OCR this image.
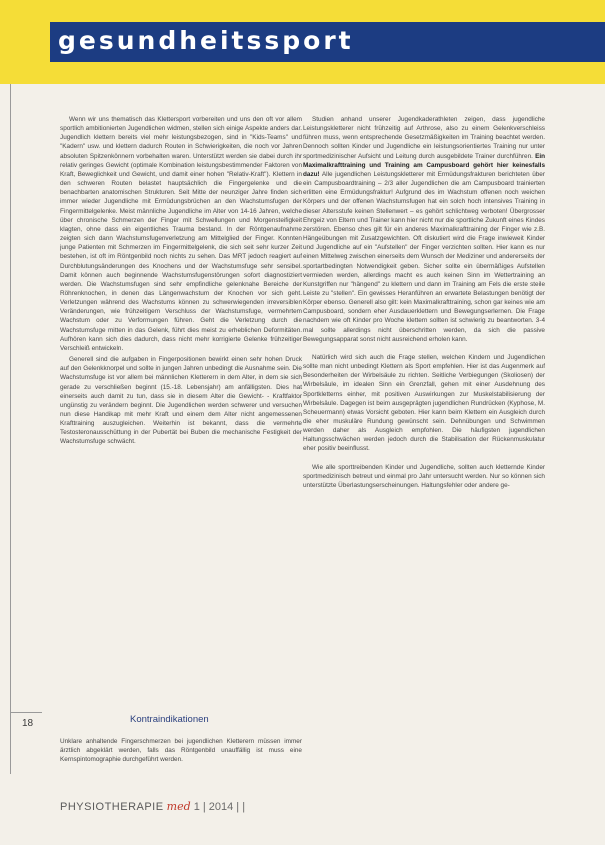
gesundheitssport
18

Wenn wir uns thematisch das Klettersport vorbereiten und uns den oft vor allem sportlich ambitionierten Jugendlichen widmen, stellen sich einige Aspekte anders dar. Jugendlich klettern bereits viel mehr leistungsbezogen, sind in "Kids-Teams" und "Kadern" usw. und klettern dadurch Routen in Schwierigkeiten, die noch vor Jahren absoluten Spitzenkönnern vorbehalten waren. Unterstützt werden sie dabei durch ihr relativ geringes Gewicht (optimale Kombination leistungsbestimmender Faktoren von Kraft, Beweglichkeit und Gewicht, und damit einer hohen "Relativ-Kraft"). Klettern in den schweren Routen belastet hauptsächlich die Fingergelenke und die benachbarten anatomischen Strukturen. Seit Mitte der neunziger Jahre finden sich immer wieder Jugendliche mit Ermüdungsbrüchen an den Wachstumsfugen der Fingermittelgelenke. Meist männliche Jugendliche im Alter von 14-16 Jahren, welche über chronische Schmerzen der Finger mit Schwellungen und Morgensteifigkeit klagten, ohne dass ein eigentliches Trauma bestand. In der Röntgenaufnahme zeigten sich dann Wachstumsfugenverletzung am Mittelglied der Finger. Konnten junge Patienten mit Schmerzen im Fingermittelgelenk, die sich seit sehr kurzer Zeit bestehen, ist oft im Röntgenbild noch nichts zu sehen. Das MRT jedoch reagiert auf Durchblutungsänderungen des Knochens und der Wachstumsfuge sehr sensibel. Damit können auch beginnende Wachstumsfugenstörungen sofort diagnostiziert werden. Die Wachstumsfugen sind sehr empfindliche gelenknahe Bereiche der Röhrenknochen, in denen das Längenwachstum der Knochen vor sich geht. Verletzungen während des Wachstums können zu schwerwiegenden irreversiblen Veränderungen, wie frühzeitigem Verschluss der Wachstumsfuge, vermehrtem Wachstum oder zu Verformungen führen. Geht die Verletzung durch die Wachstumsfuge mitten in das Gelenk, führt dies meist zu erheblichen Deformitäten. Aufhören kann sich dies dadurch, dass nicht mehr korrigierte Gelenke frühzeitiger Verschleiß entwickeln.

Generell sind die aufgaben in Fingerpositionen bewirkt einen sehr hohen Druck auf den Gelenkknorpel und sollte in jungen Jahren unbedingt die Ausnahme sein. Die Wachstumsfuge ist vor allem bei männlichen Kletterern in dem Alter, in dem sie sich gerade zu verschließen beginnt (15.-18. Lebensjahr) am anfälligsten. Dies hat einerseits auch damit zu tun, dass sie in diesem Alter die Gewicht- - Kraftfaktor ungünstig zu verändern beginnt. Die Jugendlichen werden schwerer und versuchen nun diese Handikap mit mehr Kraft und einem dem Alter nicht angemessenen Krafttraining auszugleichen. Weiterhin ist bekannt, dass die vermehrte Testosteronausschüttung in der Pubertät bei Buben die mechanische Festigkeit der Wachstumsfuge schwächt.

Kontraindikationen

Unklare anhaltende Fingerschmerzen bei jugendlichen Kletterern müssen immer ärztlich abgeklärt werden, falls das Röntgenbild unauffällig ist muss eine Kernspintomographie durchgeführt werden.

Studien anhand unserer Jugendkaderathleten zeigen, dass jugendliche Leistungskletterer nicht frühzeitig auf Arthrose, also zu einem Gelenkverschleiss führen muss, wenn entsprechende Gesetzmäßigkeiten im Training beachtet werden. Dennoch sollten Kinder und Jugendliche ein leistungsorientiertes Training nur unter sportmedizinischer Aufsicht und Leitung durch ausgebildete Trainer durchführen. Ein Maximalkrafttraining und Training am Campusboard gehört hier keinesfalls dazu! Alle jugendlichen Leistungskletterer mit Ermüdungsfrakturen berichteten über ein Campusboardtraining – 2/3 aller Jugendlichen die am Campusboard trainierten erlitten eine Ermüdungsfraktur! Aufgrund des im Wachstum offenen noch weichen Körpers und der offenen Wachstumsfugen hat ein solch hoch intensives Training in dieser Altersstufe keinen Stellenwert – es gehört schlichtweg verboten! Übergrosser Ehrgeiz von Eltern und Trainer kann hier nicht nur die sportliche Zukunft eines Kindes zerstören. Ebenso ches gilt für ein anderes Maximalkrafttraining der Finger wie z.B. Hängeübungen mit Zusatzgewichten. Oft diskutiert wird die Frage inwieweit Kinder und Jugendliche auf ein "Aufstellen" der Finger verzichten sollten. Hier kann es nur einen Mittelweg zwischen einerseits dem Wunsch der Mediziner und andererseits der sportartbedingten Notwendigkeit geben. Sicher sollte ein übermäßiges Aufstellen vermieden werden, allerdings macht es auch keinen Sinn im Wettertraining an Kunstgriffen nur "hängend" zu klettern und dann im Training am Fels die erste steile Leiste zu "stellen". Ein gewisses Heranführen an erwartete Belastungen benötigt der Körper ebenso. Generell also gilt: kein Maximalkrafttraining, schon gar keines wie am Campusboard, sondern eher Ausdauerklettern und Bewegungserlernen. Die Frage nachdem wie oft Kinder pro Woche klettern sollten ist schwierig zu beantworten. 3-4 mal sollte allerdings nicht überschritten werden, da sich die passive Bewegungsapparat sonst nicht ausreichend erholen kann.

Natürlich wird sich auch die Frage stellen, welchen Kindern und Jugendlichen sollte man nicht unbedingt Klettern als Sport empfehlen. Hier ist das Augenmerk auf Besonderheiten der Wirbelsäule zu richten. Seitliche Verbiegungen (Skoliosen) der Wirbelsäule, im idealen Sinn ein Grenzfall, gehen mit einer Ausdehnung des Sportkletterns einher, mit positiven Auswirkungen zur Muskelstabilisierung der Wirbelsäule. Dagegen ist beim ausgeprägten jugendlichen Rundrücken (Kyphose, M. Scheuermann) etwas Vorsicht geboten. Hier kann beim Klettern ein Ausgleich durch die eher muskuläre Rundung gewünscht sein. Dehnübungen und Schwimmen werden daher als Ausgleich empfohlen. Die häufigsten jugendlichen Haltungsschwächen werden jedoch durch die Stabilisation der Rückenmuskulatur eher positiv beeinflusst.

Wie alle sporttreibenden Kinder und Jugendliche, sollten auch kletternde Kinder sportmedizinisch betreut und einmal pro Jahr untersucht werden. Nur so können sich unterstützte Überlastungserscheinungen. Haltungsfehler oder andere ge-

PHYSIOTHERAPIE med 1 | 2014 | |
